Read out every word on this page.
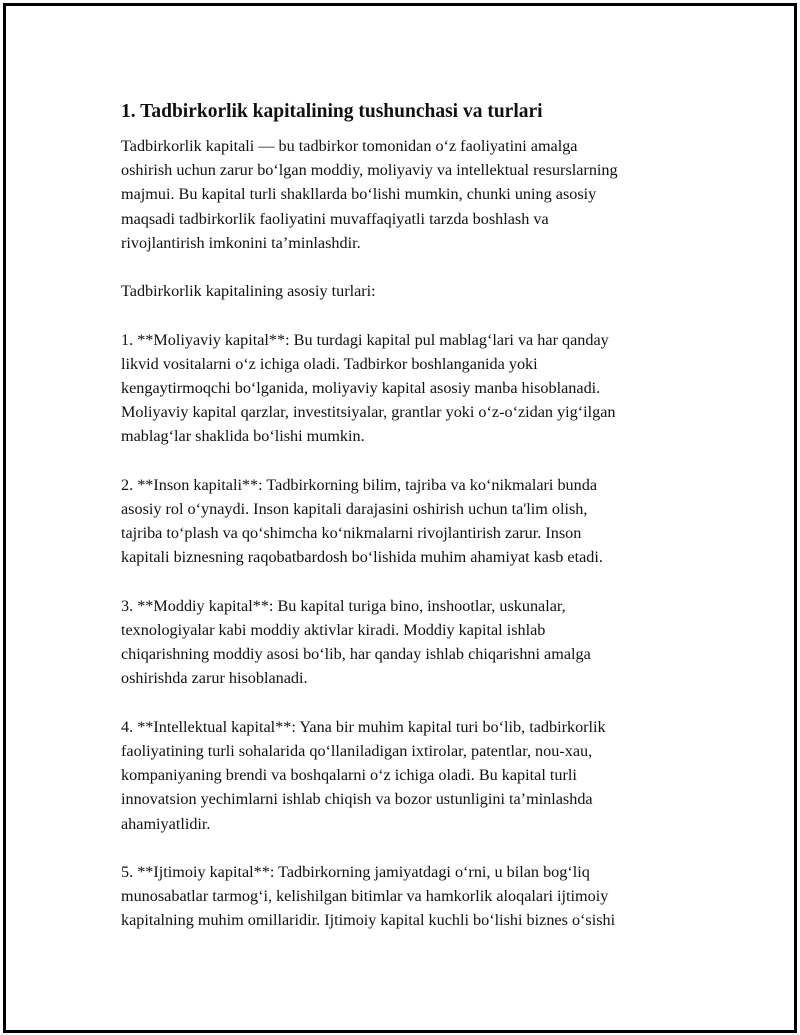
1. Tadbirkorlik kapitalining tushunchasi va turlari

Tadbirkorlik kapitali — bu tadbirkor tomonidan o‘z faoliyatini amalga
oshirish uchun zarur bo‘lgan moddiy, moliyaviy va intellektual resurslarning
majmui. Bu kapital turli shakllarda bo‘lishi mumkin, chunki uning asosiy
maqsadi tadbirkorlik faoliyatini muvaffaqiyatli tarzda boshlash va
rivojlantirish imkonini ta’minlashdir.

Tadbirkorlik kapitalining asosiy turlari:

1. **Moliyaviy kapital**: Bu turdagi kapital pul mablag‘lari va har qanday
likvid vositalarni o‘z ichiga oladi. Tadbirkor boshlanganida yoki
kengaytirmoqchi bo‘lganida, moliyaviy kapital asosiy manba hisoblanadi.
Moliyaviy kapital qarzlar, investitsiyalar, grantlar yoki o‘z-o‘zidan yig‘ilgan
mablag‘lar shaklida bo‘lishi mumkin.

2. **Inson kapitali**: Tadbirkorning bilim, tajriba va ko‘nikmalari bunda
asosiy rol o‘ynaydi. Inson kapitali darajasini oshirish uchun ta'lim olish,
tajriba to‘plash va qo‘shimcha ko‘nikmalarni rivojlantirish zarur. Inson
kapitali biznesning raqobatbardosh bo‘lishida muhim ahamiyat kasb etadi.

3. **Moddiy kapital**: Bu kapital turiga bino, inshootlar, uskunalar,
texnologiyalar kabi moddiy aktivlar kiradi. Moddiy kapital ishlab
chiqarishning moddiy asosi bo‘lib, har qanday ishlab chiqarishni amalga
oshirishda zarur hisoblanadi.

4. **Intellektual kapital**: Yana bir muhim kapital turi bo‘lib, tadbirkorlik
faoliyatining turli sohalarida qo‘llaniladigan ixtirolar, patentlar, nou-xau,
kompaniyaning brendi va boshqalarni o‘z ichiga oladi. Bu kapital turli
innovatsion yechimlarni ishlab chiqish va bozor ustunligini ta’minlashda
ahamiyatlidir.

5. **Ijtimoiy kapital**: Tadbirkorning jamiyatdagi o‘rni, u bilan bog‘liq
munosabatlar tarmog‘i, kelishilgan bitimlar va hamkorlik aloqalari ijtimoiy
kapitalning muhim omillaridir. Ijtimoiy kapital kuchli bo‘lishi biznes o‘sishi
